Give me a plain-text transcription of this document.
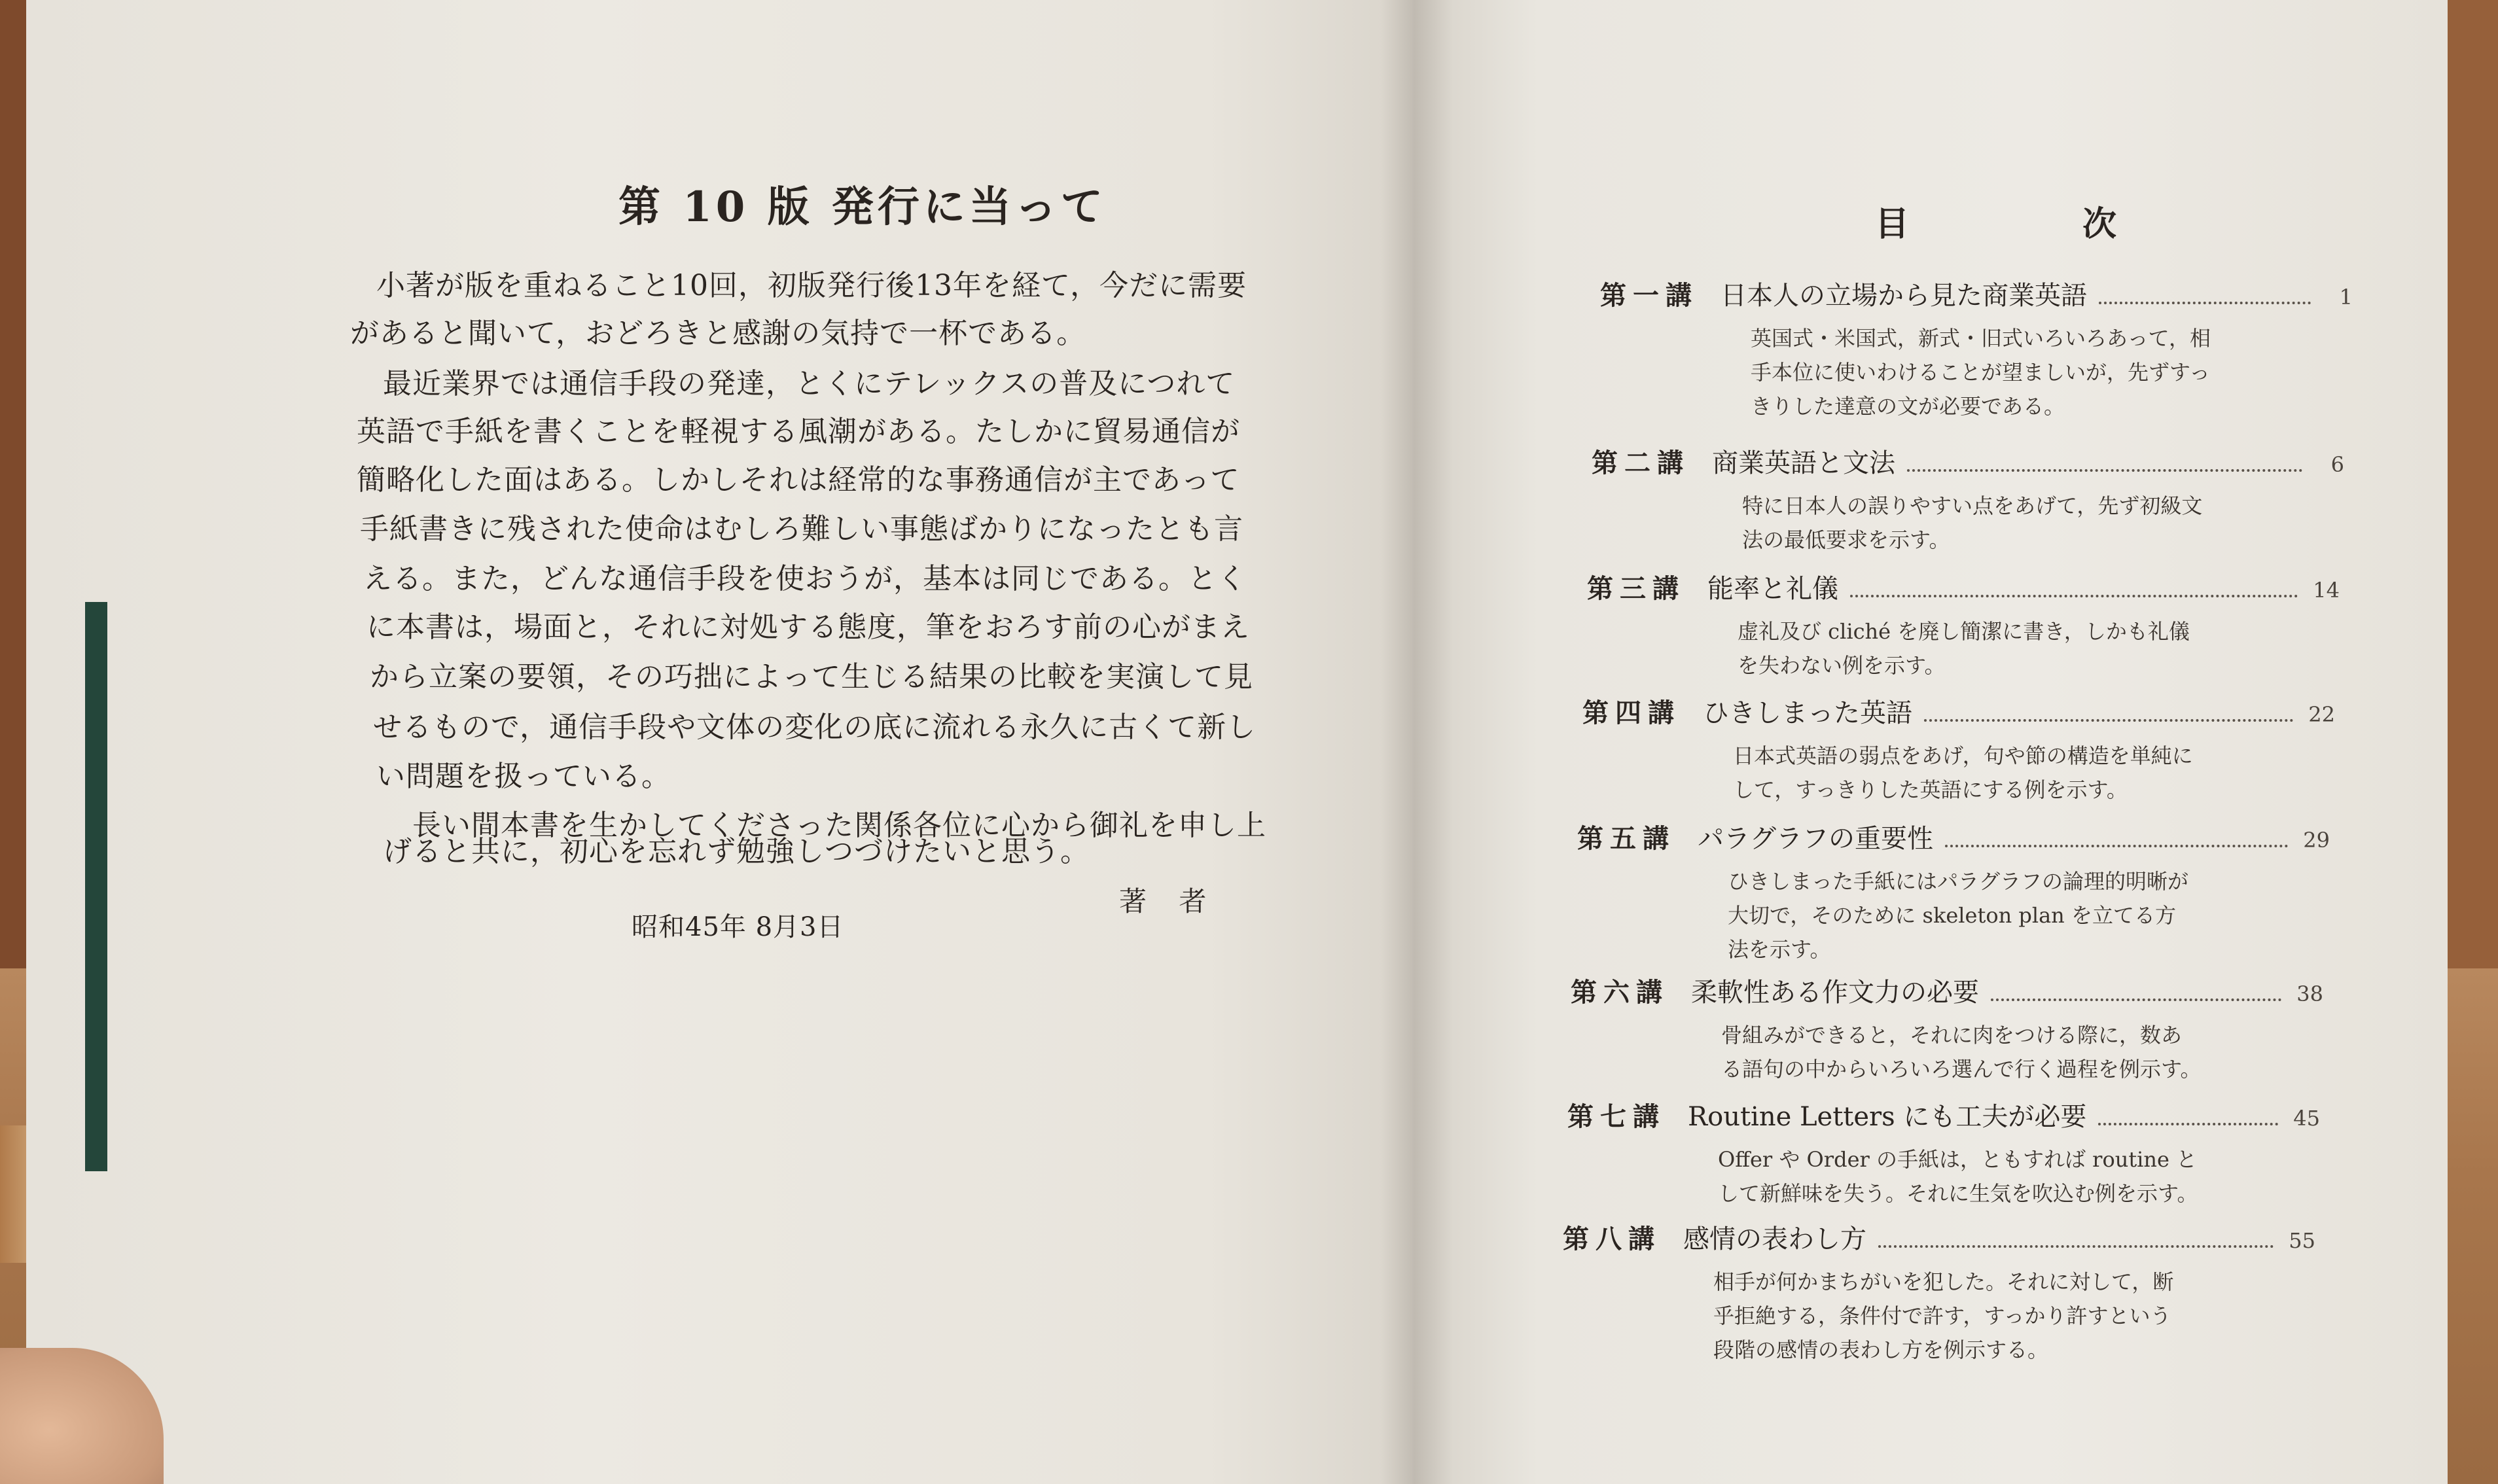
第 10 版 発行に当って
小著が版を重ねること10回，初版発行後13年を経て，今だに需要
があると聞いて，おどろきと感謝の気持で一杯である。
最近業界では通信手段の発達，とくにテレックスの普及につれて
英語で手紙を書くことを軽視する風潮がある。たしかに貿易通信が
簡略化した面はある。しかしそれは経常的な事務通信が主であって
手紙書きに残された使命はむしろ難しい事態ばかりになったとも言
える。また，どんな通信手段を使おうが，基本は同じである。とく
に本書は，場面と，それに対処する態度，筆をおろす前の心がまえ
から立案の要領，その巧拙によって生じる結果の比較を実演して見
せるもので，通信手段や文体の変化の底に流れる永久に古くて新し
い問題を扱っている。
長い間本書を生かしてくださった関係各位に心から御礼を申し上
げると共に，初心を忘れず勉強しつづけたいと思う。
著 者
昭和45年 8月3日
目	次
第一講 日本人の立場から見た商業英語	1
英国式・米国式，新式・旧式いろいろあって，相
手本位に使いわけることが望ましいが，先ずすっ
きりした達意の文が必要である。
第二講 商業英語と文法	6
特に日本人の誤りやすい点をあげて，先ず初級文
法の最低要求を示す。
第三講 能率と礼儀	14
虚礼及び cliché を廃し簡潔に書き，しかも礼儀
を失わない例を示す。
第四講 ひきしまった英語	22
日本式英語の弱点をあげ，句や節の構造を単純に
して，すっきりした英語にする例を示す。
第五講 パラグラフの重要性	29
ひきしまった手紙にはパラグラフの論理的明晰が
大切で，そのために skeleton plan を立てる方
法を示す。
第六講 柔軟性ある作文力の必要	38
骨組みができると，それに肉をつける際に，数あ
る語句の中からいろいろ選んで行く過程を例示す。
第七講 Routine Letters にも工夫が必要	45
Offer や Order の手紙は，ともすれば routine と
して新鮮味を失う。それに生気を吹込む例を示す。
第八講 感情の表わし方	55
相手が何かまちがいを犯した。それに対して，断
乎拒絶する，条件付で許す，すっかり許すという
段階の感情の表わし方を例示する。
